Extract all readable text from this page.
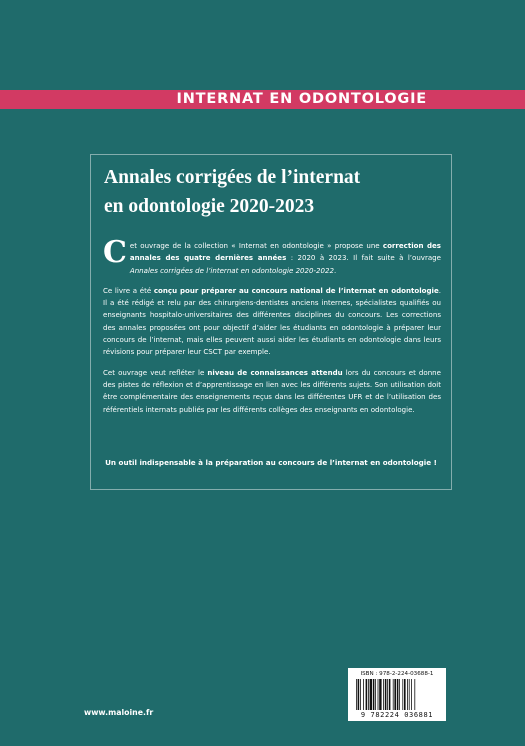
INTERNAT EN ODONTOLOGIE
Annales corrigées de l’internat
en odontologie 2020-2023

Cet ouvrage de la collection « Internat en odontologie » propose une correction des annales des quatre dernières années : 2020 à 2023. Il fait suite à l’ouvrage Annales corrigées de l’internat en odontologie 2020-2022.

Ce livre a été conçu pour préparer au concours national de l’internat en odontologie. Il a été rédigé et relu par des chirurgiens-dentistes anciens internes, spécialistes qualifiés ou enseignants hospitalo-universitaires des différentes disciplines du concours. Les corrections des annales proposées ont pour objectif d’aider les étudiants en odontologie à préparer leur concours de l’internat, mais elles peuvent aussi aider les étudiants en odontologie dans leurs révisions pour préparer leur CSCT par exemple.

Cet ouvrage veut refléter le niveau de connaissances attendu lors du concours et donne des pistes de réflexion et d’apprentissage en lien avec les différents sujets. Son utilisation doit être complémentaire des enseignements reçus dans les différentes UFR et de l’utilisation des référentiels internats publiés par les différents collèges des enseignants en odontologie.

Un outil indispensable à la préparation au concours de l’internat en odontologie !
www.maloine.fr
ISBN : 978-2-224-03688-1
9 782224 036881
